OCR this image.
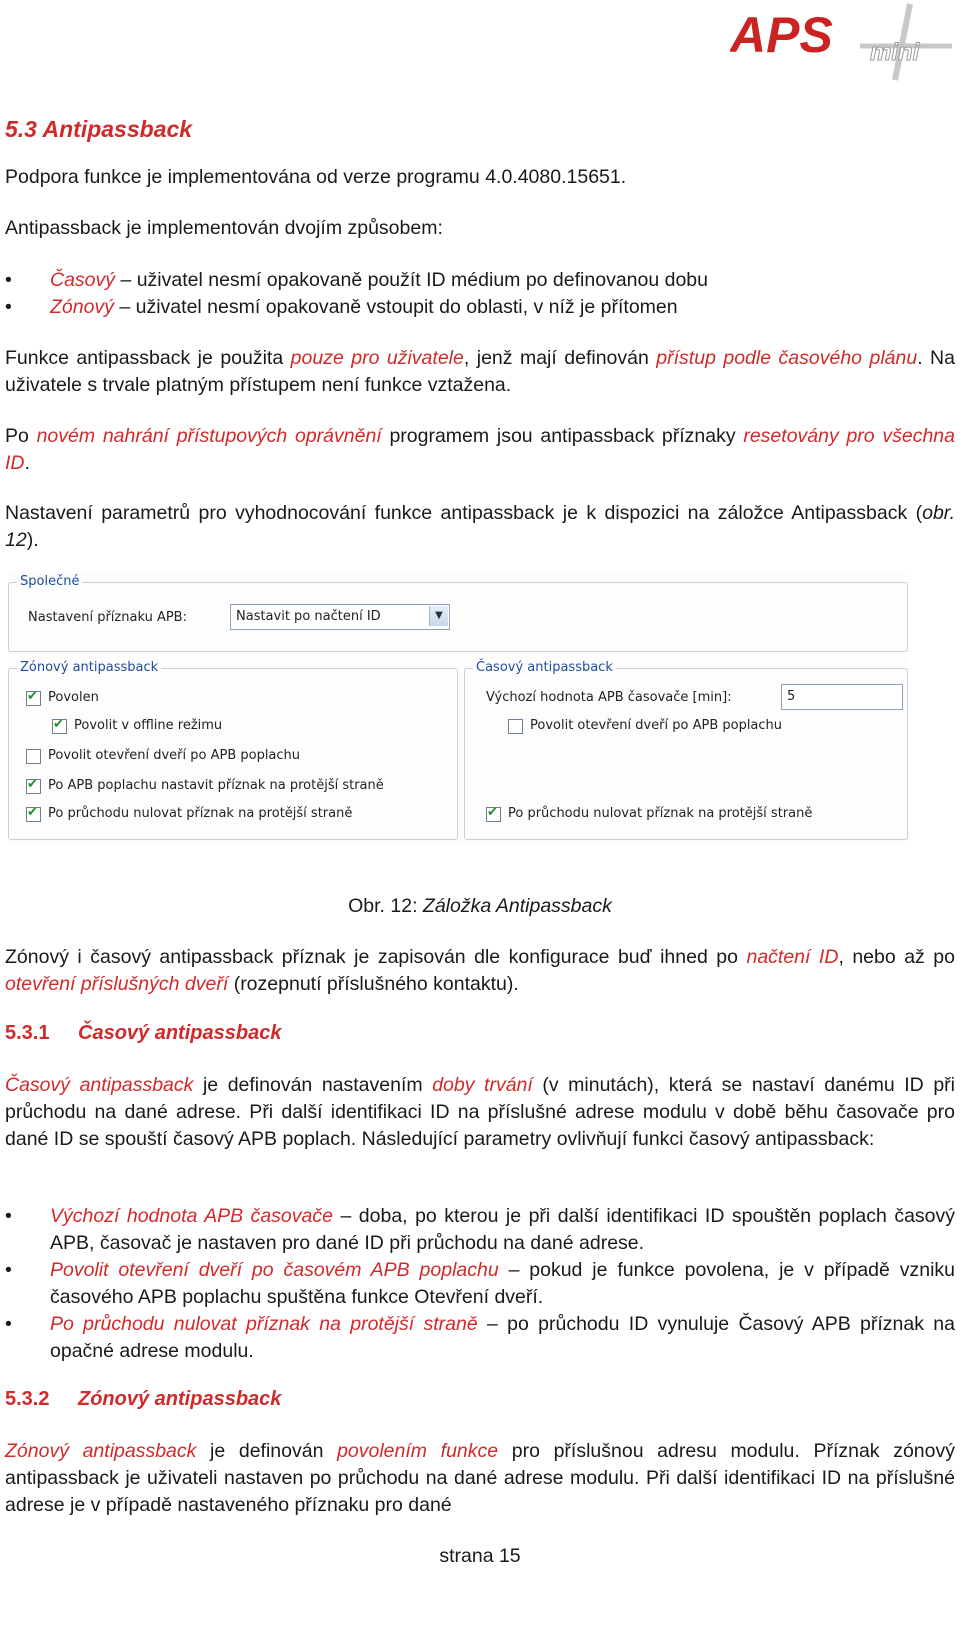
APS mini
5.3 Antipassback

Podpora funkce je implementována od verze programu 4.0.4080.15651.

Antipassback je implementován dvojím způsobem:

•	Časový – uživatel nesmí opakovaně použít ID médium po definovanou dobu
•	Zónový – uživatel nesmí opakovaně vstoupit do oblasti, v níž je přítomen

Funkce antipassback je použita pouze pro uživatele, jenž mají definován přístup podle časového plánu. Na uživatele s trvale platným přístupem není funkce vztažena.

Po novém nahrání přístupových oprávnění programem jsou antipassback příznaky resetovány pro všechna ID.

Nastavení parametrů pro vyhodnocování funkce antipassback je k dispozici na záložce Antipassback (obr. 12).

Obr. 12: Záložka Antipassback

Zónový i časový antipassback příznak je zapisován dle konfigurace buď ihned po načtení ID, nebo až po otevření příslušných dveří (rozepnutí příslušného kontaktu).

5.3.1 Časový antipassback

Časový antipassback je definován nastavením doby trvání (v minutách), která se nastaví danému ID při průchodu na dané adrese. Při další identifikaci ID na příslušné adrese modulu v době běhu časovače pro dané ID se spouští časový APB poplach. Následující parametry ovlivňují funkci časový antipassback:

•	Výchozí hodnota APB časovače – doba, po kterou je při další identifikaci ID spouštěn poplach časový APB, časovač je nastaven pro dané ID při průchodu na dané adrese.
•	Povolit otevření dveří po časovém APB poplachu – pokud je funkce povolena, je v případě vzniku časového APB poplachu spuštěna funkce Otevření dveří.
•	Po průchodu nulovat příznak na protější straně – po průchodu ID vynuluje Časový APB příznak na opačné adrese modulu.
5.3.2 Zónový antipassback

Zónový antipassback je definován povolením funkce pro příslušnou adresu modulu. Příznak zónový antipassback je uživateli nastaven po průchodu na dané adrese modulu. Při další identifikaci ID na příslušné adrese je v případě nastaveného příznaku pro dané

strana 15
Společné
Nastavení příznaku APB:	Nastavit po načtení ID	▼
Zónový antipassback
✔
Povolen
✔
Povolit v offline režimu
Povolit otevření dveří po APB poplachu
✔
Po APB poplachu nastavit příznak na protější straně
✔
Po průchodu nulovat příznak na protější straně
Časový antipassback
Výchozí hodnota APB časovače [min]:	5
Povolit otevření dveří po APB poplachu
✔
Po průchodu nulovat příznak na protější straně
